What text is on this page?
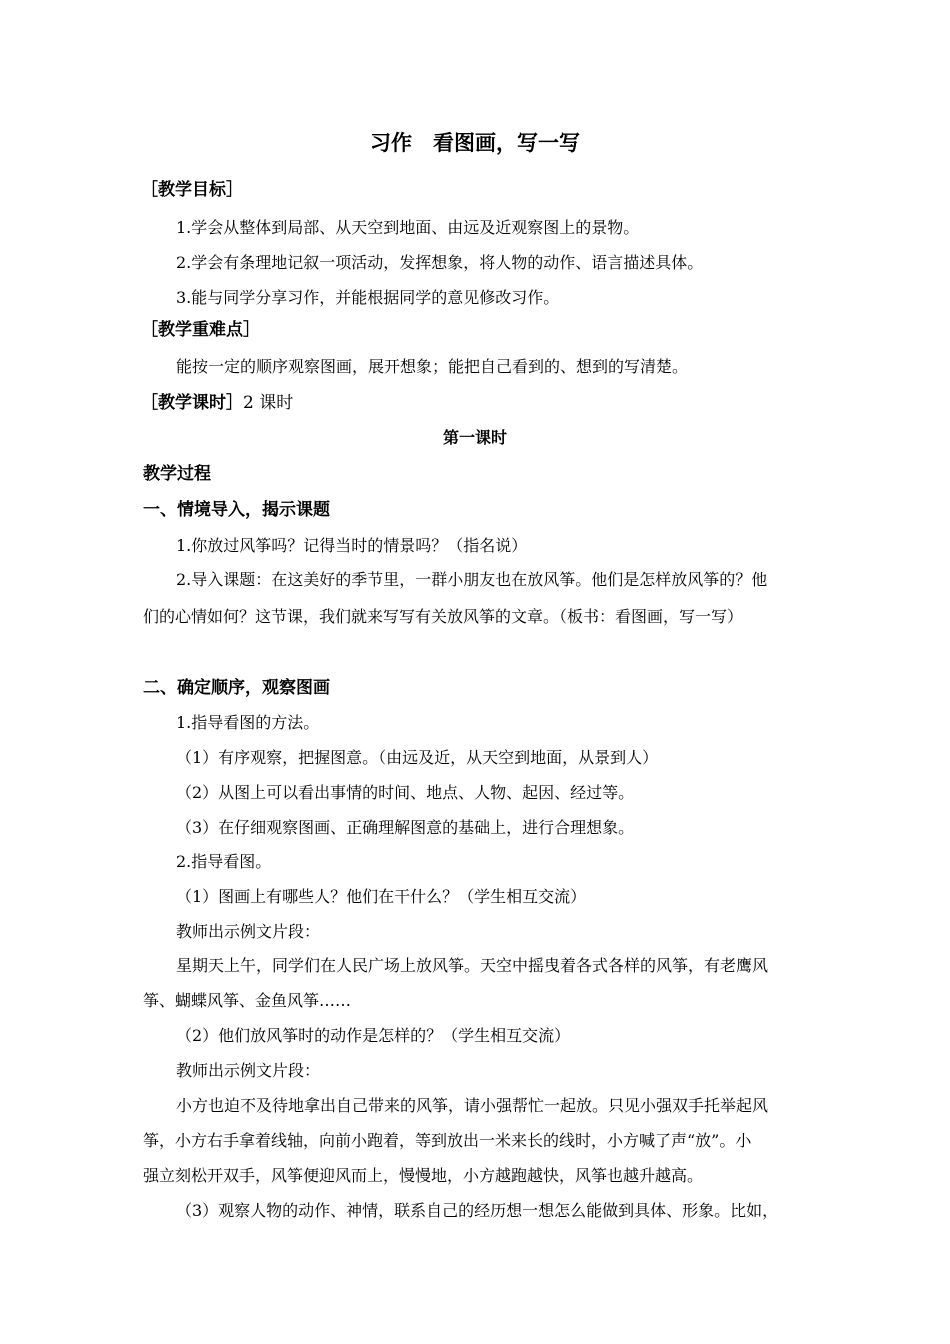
习作　看图画，写一写
［教学目标］
1.学会从整体到局部、从天空到地面、由远及近观察图上的景物。
2.学会有条理地记叙一项活动，发挥想象，将人物的动作、语言描述具体。
3.能与同学分享习作，并能根据同学的意见修改习作。
［教学重难点］
能按一定的顺序观察图画，展开想象；能把自己看到的、想到的写清楚。
［教学课时］2 课时
第一课时
教学过程
一、情境导入，揭示课题
1.你放过风筝吗？记得当时的情景吗？（指名说）
2.导入课题：在这美好的季节里，一群小朋友也在放风筝。他们是怎样放风筝的？他
们的心情如何？这节课，我们就来写写有关放风筝的文章。（板书：看图画，写一写）
二、确定顺序，观察图画
1.指导看图的方法。
（1）有序观察，把握图意。（由远及近，从天空到地面，从景到人）
（2）从图上可以看出事情的时间、地点、人物、起因、经过等。
（3）在仔细观察图画、正确理解图意的基础上，进行合理想象。
2.指导看图。
（1）图画上有哪些人？他们在干什么？（学生相互交流）
教师出示例文片段：
星期天上午，同学们在人民广场上放风筝。天空中摇曳着各式各样的风筝，有老鹰风
筝、蝴蝶风筝、金鱼风筝……
（2）他们放风筝时的动作是怎样的？（学生相互交流）
教师出示例文片段：
小方也迫不及待地拿出自己带来的风筝，请小强帮忙一起放。只见小强双手托举起风
筝，小方右手拿着线轴，向前小跑着，等到放出一米来长的线时，小方喊了声“放”。小
强立刻松开双手，风筝便迎风而上，慢慢地，小方越跑越快，风筝也越升越高。
（3）观察人物的动作、神情，联系自己的经历想一想怎么能做到具体、形象。比如，
